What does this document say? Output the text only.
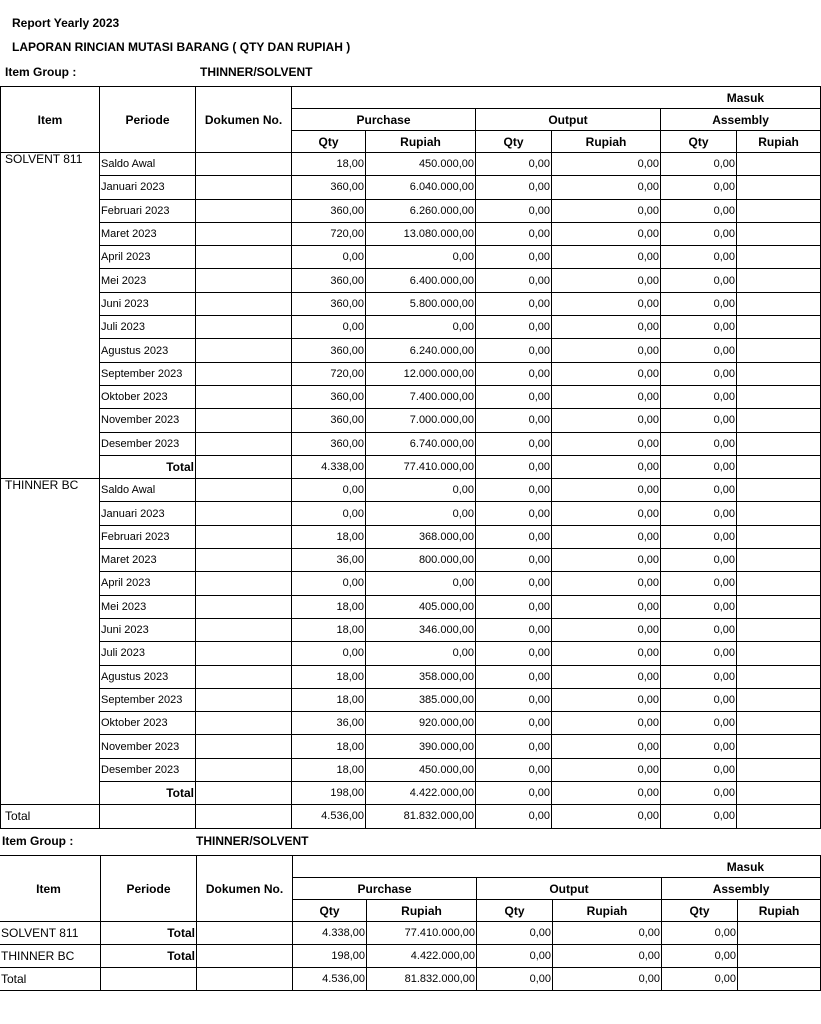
Report Yearly 2023
LAPORAN RINCIAN MUTASI BARANG ( QTY DAN RUPIAH )
Item Group :	THINNER/SOLVENT
Item	Periode	Dokumen No.	Masuk					
			Purchase		Output		Assembly	
			Qty	Rupiah	Qty	Rupiah	Qty	Rupiah
SOLVENT 811	Saldo Awal		18,00	450.000,00	0,00	0,00	0,00	
	Januari 2023		360,00	6.040.000,00	0,00	0,00	0,00	
	Februari 2023		360,00	6.260.000,00	0,00	0,00	0,00	
	Maret 2023		720,00	13.080.000,00	0,00	0,00	0,00	
	April 2023		0,00	0,00	0,00	0,00	0,00	
	Mei 2023		360,00	6.400.000,00	0,00	0,00	0,00	
	Juni 2023		360,00	5.800.000,00	0,00	0,00	0,00	
	Juli 2023		0,00	0,00	0,00	0,00	0,00	
	Agustus 2023		360,00	6.240.000,00	0,00	0,00	0,00	
	September 2023		720,00	12.000.000,00	0,00	0,00	0,00	
	Oktober 2023		360,00	7.400.000,00	0,00	0,00	0,00	
	November 2023		360,00	7.000.000,00	0,00	0,00	0,00	
	Desember 2023		360,00	6.740.000,00	0,00	0,00	0,00	
	Total		4.338,00	77.410.000,00	0,00	0,00	0,00	
THINNER BC	Saldo Awal		0,00	0,00	0,00	0,00	0,00	
	Januari 2023		0,00	0,00	0,00	0,00	0,00	
	Februari 2023		18,00	368.000,00	0,00	0,00	0,00	
	Maret 2023		36,00	800.000,00	0,00	0,00	0,00	
	April 2023		0,00	0,00	0,00	0,00	0,00	
	Mei 2023		18,00	405.000,00	0,00	0,00	0,00	
	Juni 2023		18,00	346.000,00	0,00	0,00	0,00	
	Juli 2023		0,00	0,00	0,00	0,00	0,00	
	Agustus 2023		18,00	358.000,00	0,00	0,00	0,00	
	September 2023		18,00	385.000,00	0,00	0,00	0,00	
	Oktober 2023		36,00	920.000,00	0,00	0,00	0,00	
	November 2023		18,00	390.000,00	0,00	0,00	0,00	
	Desember 2023		18,00	450.000,00	0,00	0,00	0,00	
	Total		198,00	4.422.000,00	0,00	0,00	0,00	
Total			4.536,00	81.832.000,00	0,00	0,00	0,00	
Item Group :	THINNER/SOLVENT
Item	Periode	Dokumen No.	Masuk					
			Purchase		Output		Assembly	
			Qty	Rupiah	Qty	Rupiah	Qty	Rupiah
SOLVENT 811	Total		4.338,00	77.410.000,00	0,00	0,00	0,00	
THINNER BC	Total		198,00	4.422.000,00	0,00	0,00	0,00	
Total			4.536,00	81.832.000,00	0,00	0,00	0,00	
